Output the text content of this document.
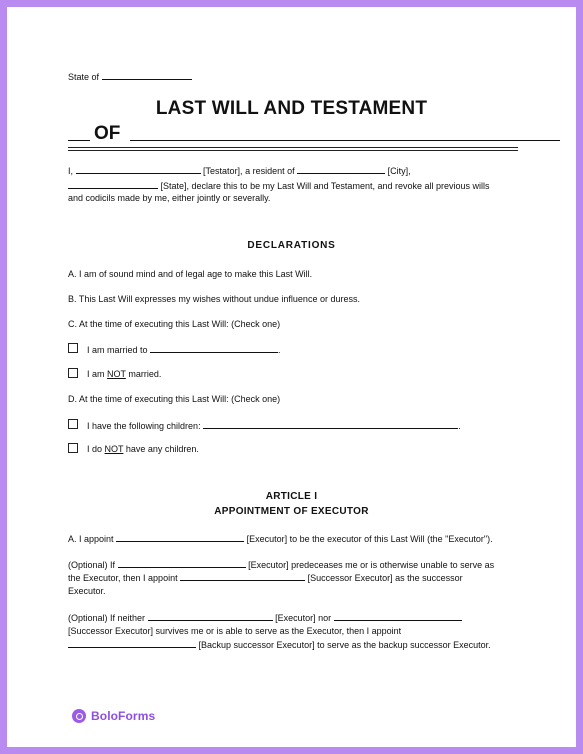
State of
LAST WILL AND TESTAMENT
OF
I,	[Testator], a resident of	[City],
[State], declare this to be my Last Will and Testament, and revoke all previous wills
and codicils made by me, either jointly or severally.
DECLARATIONS
A. I am of sound mind and of legal age to make this Last Will.
B. This Last Will expresses my wishes without undue influence or duress.
C. At the time of executing this Last Will: (Check one)
I am married to	.
I am NOT married.
D. At the time of executing this Last Will: (Check one)
I have the following children:	.
I do NOT have any children.
ARTICLE I
APPOINTMENT OF EXECUTOR
A. I appoint	[Executor] to be the executor of this Last Will (the "Executor").
(Optional) If	[Executor] predeceases me or is otherwise unable to serve as
the Executor, then I appoint	[Successor Executor] as the successor
Executor.
(Optional) If neither	[Executor] nor
[Successor Executor] survives me or is able to serve as the Executor, then I appoint
[Backup successor Executor] to serve as the backup successor Executor.
BoloForms
